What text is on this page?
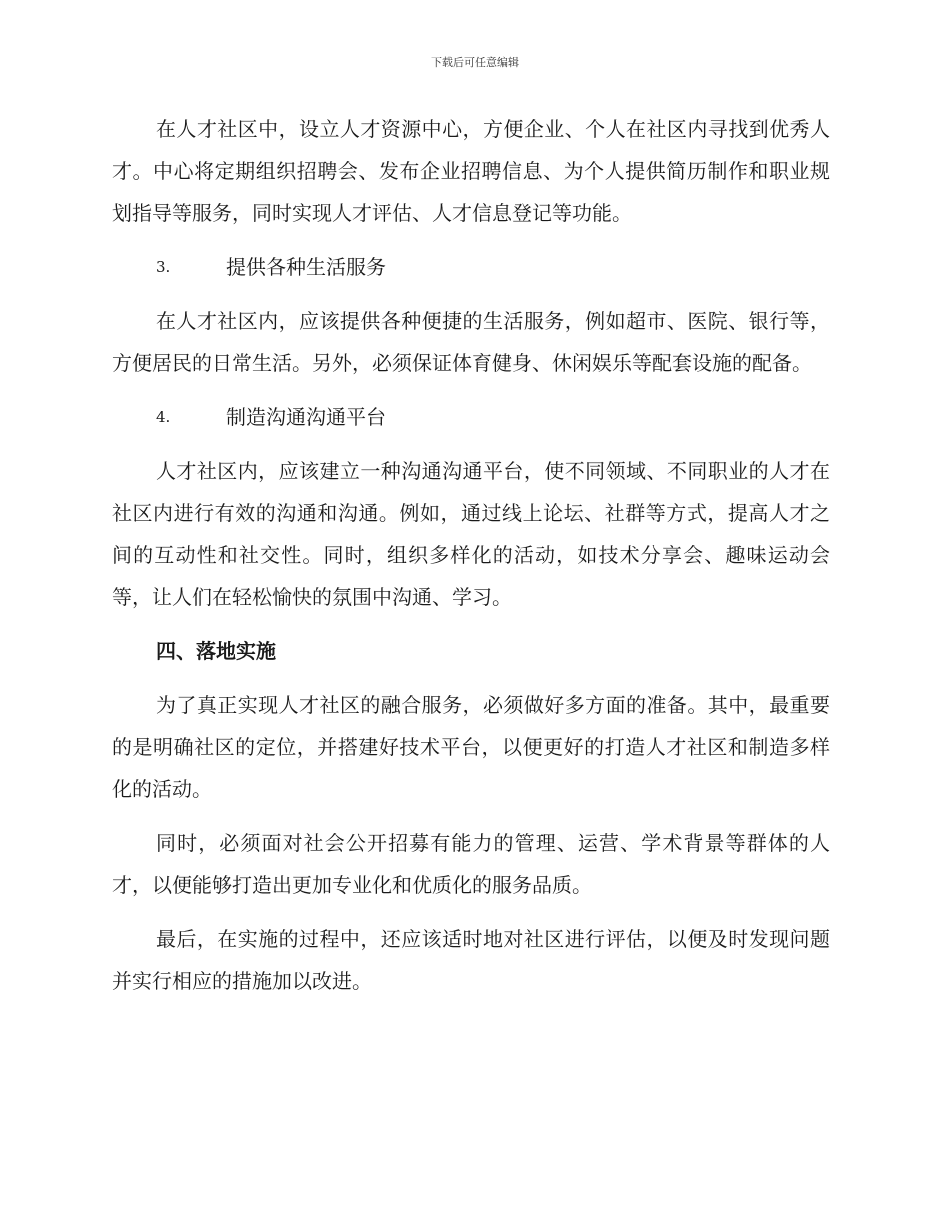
下载后可任意编辑

在人才社区中，设立人才资源中心，方便企业、个人在社区内寻找到优秀人才。中心将定期组织招聘会、发布企业招聘信息、为个人提供简历制作和职业规划指导等服务，同时实现人才评估、人才信息登记等功能。

3.	提供各种生活服务

在人才社区内，应该提供各种便捷的生活服务，例如超市、医院、银行等，方便居民的日常生活。另外，必须保证体育健身、休闲娱乐等配套设施的配备。

4.	制造沟通沟通平台

人才社区内，应该建立一种沟通沟通平台，使不同领域、不同职业的人才在社区内进行有效的沟通和沟通。例如，通过线上论坛、社群等方式，提高人才之间的互动性和社交性。同时，组织多样化的活动，如技术分享会、趣味运动会等，让人们在轻松愉快的氛围中沟通、学习。

四、落地实施

为了真正实现人才社区的融合服务，必须做好多方面的准备。其中，最重要的是明确社区的定位，并搭建好技术平台，以便更好的打造人才社区和制造多样化的活动。

同时，必须面对社会公开招募有能力的管理、运营、学术背景等群体的人才，以便能够打造出更加专业化和优质化的服务品质。

最后，在实施的过程中，还应该适时地对社区进行评估，以便及时发现问题并实行相应的措施加以改进。
